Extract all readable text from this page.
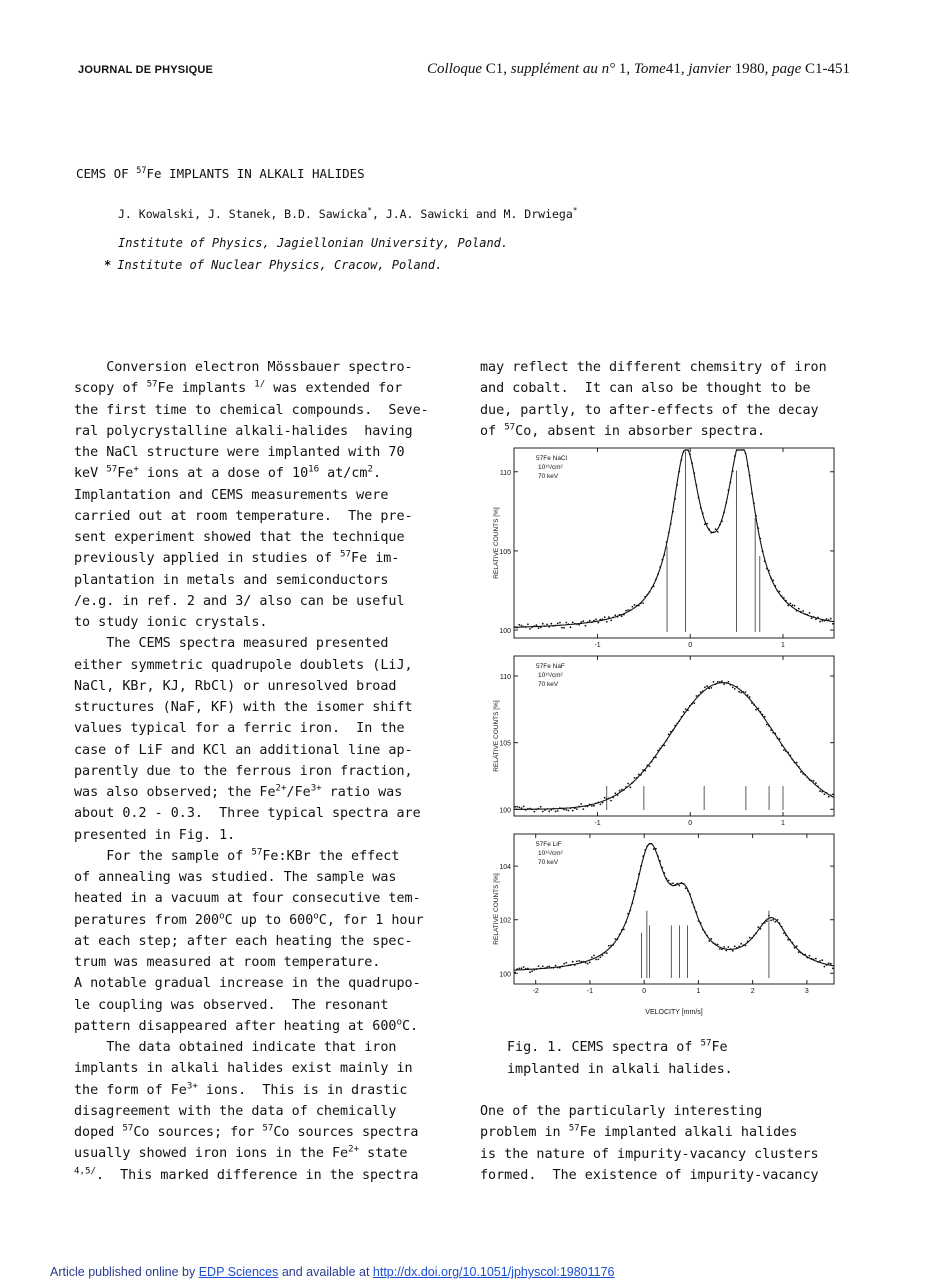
JOURNAL DE PHYSIQUE	Colloque C1, supplément au n° 1, Tome41, janvier 1980, page C1-451
CEMS OF $^{57}$Fe IMPLANTS IN ALKALI HALIDES
J. Kowalski, J. Stanek, B.D. Sawicka*, J.A. Sawicki and M. Drwiega*
Institute of Physics, Jagiellonian University, Poland.
* Institute of Nuclear Physics, Cracow, Poland.
Conversion electron Mössbauer spectro-
scopy of $^{57}$Fe implants $^{1/}$ was extended for
the first time to chemical compounds.  Seve-
ral polycrystalline alkali-halides  having
the NaCl structure were implanted with 70
keV $^{57}$Fe+ ions at a dose of $10^{16}$ $at/cm^2$.
Implantation and CEMS measurements were
carried out at room temperature.  The pre-
sent experiment showed that the technique
previously applied in studies of $^{57}$Fe im-
plantation in metals and semiconductors
/e.g. in ref. 2 and 3/ also can be useful
to study ionic crystals.
The CEMS spectra measured presented
either symmetric quadrupole doublets (LiJ,
NaCl, KBr, KJ, RbCl) or unresolved broad
structures (NaF, KF) with the isomer shift
values typical for a ferric iron.  In the
case of LiF and KCl an additional line ap-
parently due to the ferrous iron fraction,
was also observed; the $Fe^{2+}/Fe^{3+}$ ratio was
about 0.2 - 0.3.  Three typical spectra are
presented in Fig. 1.
For the sample of $^{57}$Fe:KBr the effect
of annealing was studied. The sample was
heated in a vacuum at four consecutive tem-
peratures from 200$^o$C up to 600$^o$C, for 1 hour
at each step; after each heating the spec-
trum was measured at room temperature.
A notable gradual increase in the quadrupo-
le coupling was observed.  The resonant
pattern disappeared after heating at 600$^o$C.
The data obtained indicate that iron
implants in alkali halides exist mainly in
the form of $Fe^{3+}$ ions.  This is in drastic
disagreement with the data of chemically
doped $^{57}$Co sources; for $^{57}$Co sources spectra
usually showed iron ions in the $Fe^{2+}$ state
$^{4,5/}$.  This marked difference in the spectra
may reflect the different chemsitry of iron
and cobalt.  It can also be thought to be
due, partly, to after-effects of the decay
of $^{57}$Co, absent in absorber spectra.
One of the particularly interesting
problem in $^{57}$Fe implanted alkali halides
is the nature of impurity-vacancy clusters
formed.  The existence of impurity-vacancy
110
105
100
-1	0	1
57Fe NaCl
10¹⁶/cm²
70 keV
RELATIVE COUNTS [%]
110
105
100
-1	0	1
57Fe NaF
10¹⁶/cm²
70 keV
RELATIVE COUNTS [%]
104
102
100
-2	-1	0	1	2	3
57Fe LiF
10¹⁶/cm²
70 keV
RELATIVE COUNTS [%]
VELOCITY [mm/s]
Fig. 1. CEMS spectra of $^{57}$Fe
implanted in alkali halides.
Article published online by EDP Sciences and available at http://dx.doi.org/10.1051/jphyscol:19801176
